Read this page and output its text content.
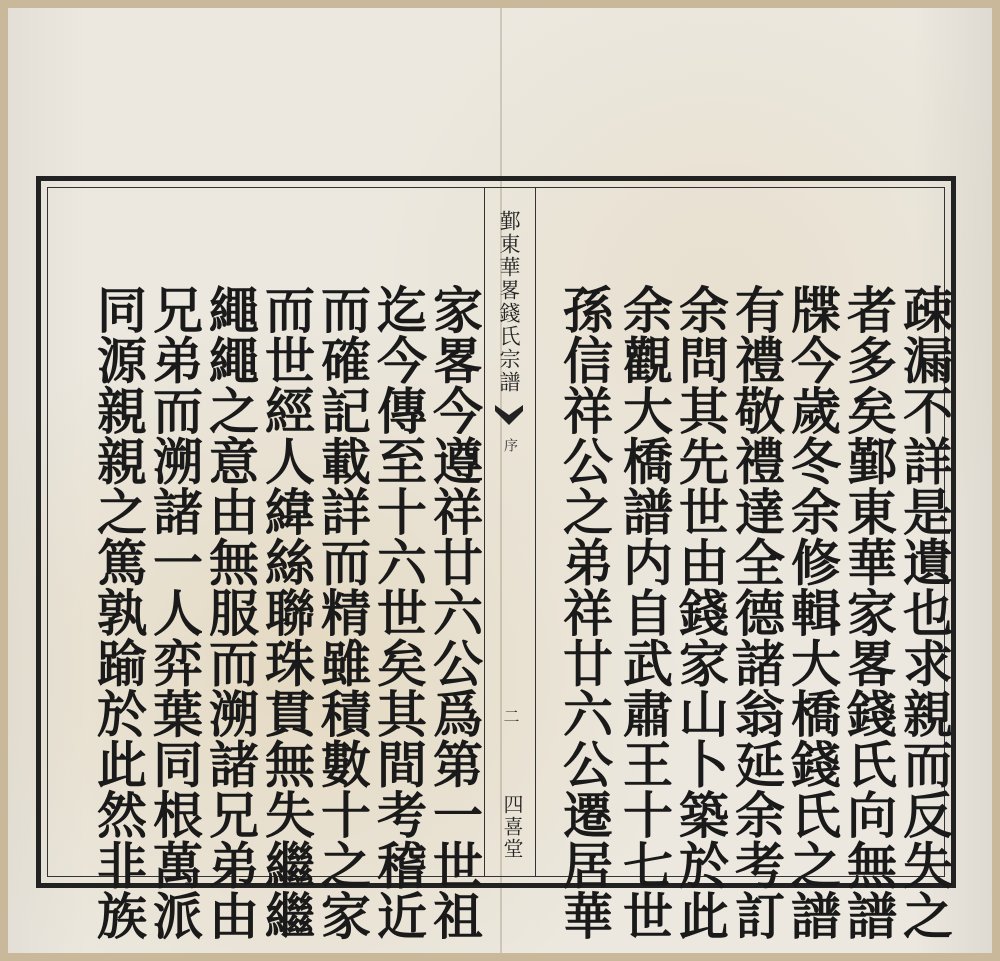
疎漏不詳是遺也求親而反失之
者多矣鄞東華家畧錢氏向無譜
牒今歲冬余修輯大橋錢氏之譜
有禮敬禮達全德諸翁延余考訂
余問其先世由錢家山卜築於此
余觀大橋譜内自武肅王十七世
孫信祥公之弟祥廿六公遷居華
鄞東華畧錢氏宗譜
序
二
四喜堂
家畧今遵祥廿六公爲第一世祖
迄今傳至十六世矣其間考稽近
而確記載詳而精雖積數十之家
而世經人緯絲聯珠貫無失繼繼
繩繩之意由無服而溯諸兄弟由
兄弟而溯諸一人弈葉同根萬派
同源親親之篤孰踰於此然非族
